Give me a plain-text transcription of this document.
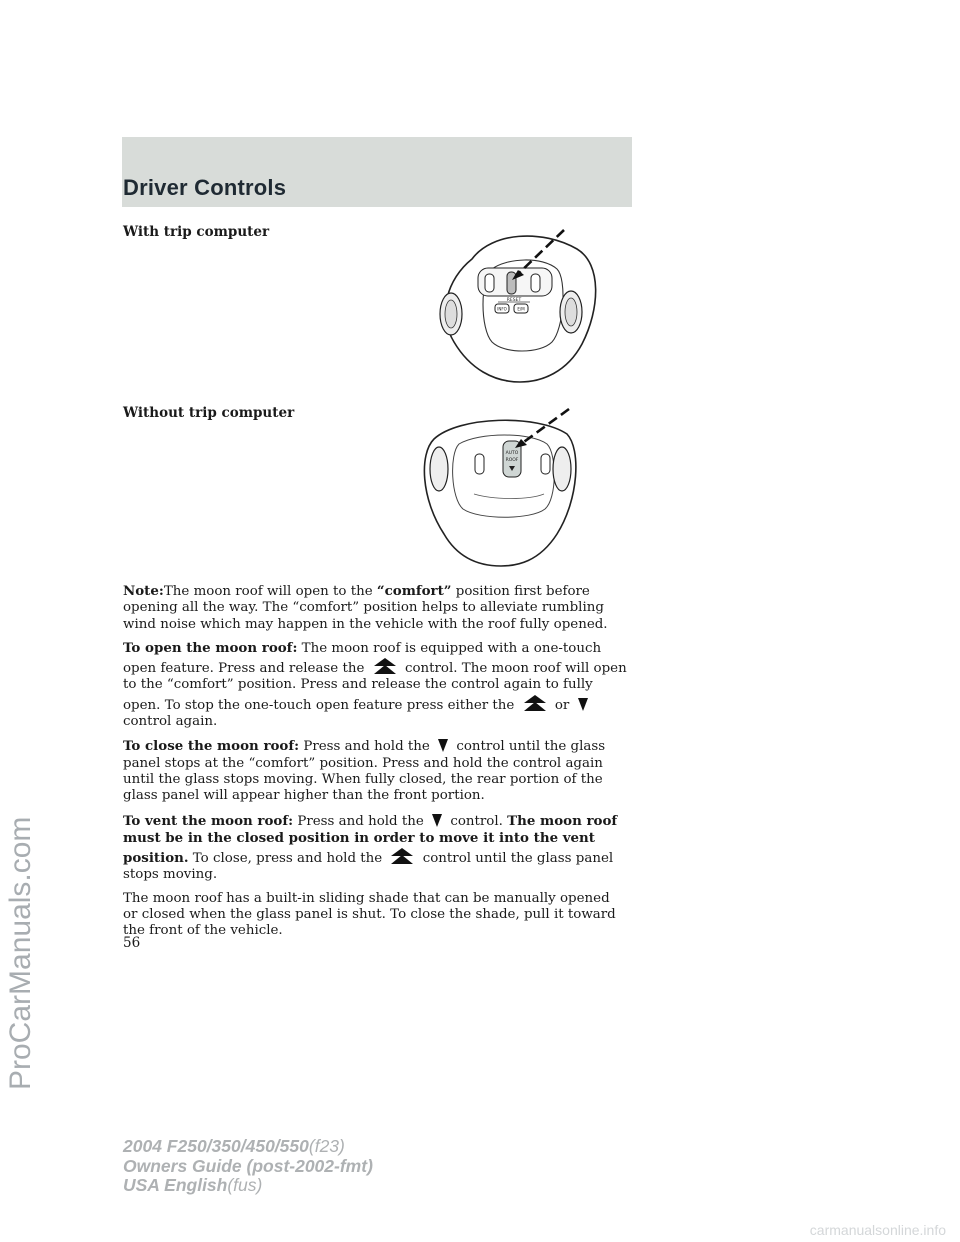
Driver Controls
With trip computer
RESET
INFO	E/M
Without trip computer
AUTO
ROOF

Note:The moon roof will open to the “comfort” position first before opening all the way. The “comfort” position helps to alleviate rumbling wind noise which may happen in the vehicle with the roof fully opened.

To open the moon roof: The moon roof is equipped with a one-touch open feature. Press and release the  control. The moon roof will open to the “comfort” position. Press and release the control again to fully open. To stop the one-touch open feature press either the  or  control again.

To close the moon roof: Press and hold the  control until the glass panel stops at the “comfort” position. Press and hold the control again until the glass stops moving. When fully closed, the rear portion of the glass panel will appear higher than the front portion.

To vent the moon roof: Press and hold the  control. The moon roof must be in the closed position in order to move it into the vent position. To close, press and hold the  control until the glass panel stops moving.

The moon roof has a built-in sliding shade that can be manually opened or closed when the glass panel is shut. To close the shade, pull it toward the front of the vehicle.

56
2004 F250/350/450/550(f23)
Owners Guide (post-2002-fmt)
USA English(fus)
ProCarManuals.com
carmanualsonline.info
